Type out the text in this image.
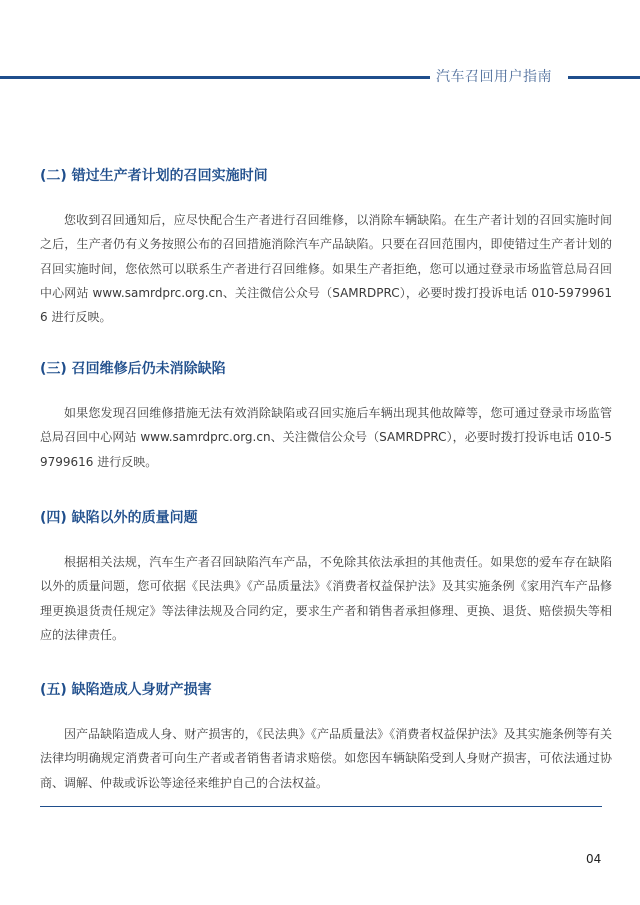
汽车召回用户指南
(二) 错过生产者计划的召回实施时间

您收到召回通知后，应尽快配合生产者进行召回维修，以消除车辆缺陷。在生产者计划的召回实施时间之后，生产者仍有义务按照公布的召回措施消除汽车产品缺陷。只要在召回范围内，即使错过生产者计划的召回实施时间，您依然可以联系生产者进行召回维修。如果生产者拒绝，您可以通过登录市场监管总局召回中心网站 www.samrdprc.org.cn、关注微信公众号（SAMRDPRC），必要时拨打投诉电话 010-59799616 进行反映。

(三) 召回维修后仍未消除缺陷

如果您发现召回维修措施无法有效消除缺陷或召回实施后车辆出现其他故障等，您可通过登录市场监管总局召回中心网站 www.samrdprc.org.cn、关注微信公众号（SAMRDPRC），必要时拨打投诉电话 010-59799616 进行反映。

(四) 缺陷以外的质量问题

根据相关法规，汽车生产者召回缺陷汽车产品，不免除其依法承担的其他责任。如果您的爱车存在缺陷以外的质量问题，您可依据《民法典》《产品质量法》《消费者权益保护法》及其实施条例《家用汽车产品修理更换退货责任规定》等法律法规及合同约定，要求生产者和销售者承担修理、更换、退货、赔偿损失等相应的法律责任。

(五) 缺陷造成人身财产损害

因产品缺陷造成人身、财产损害的，《民法典》《产品质量法》《消费者权益保护法》及其实施条例等有关法律均明确规定消费者可向生产者或者销售者请求赔偿。如您因车辆缺陷受到人身财产损害，可依法通过协商、调解、仲裁或诉讼等途径来维护自己的合法权益。

04
